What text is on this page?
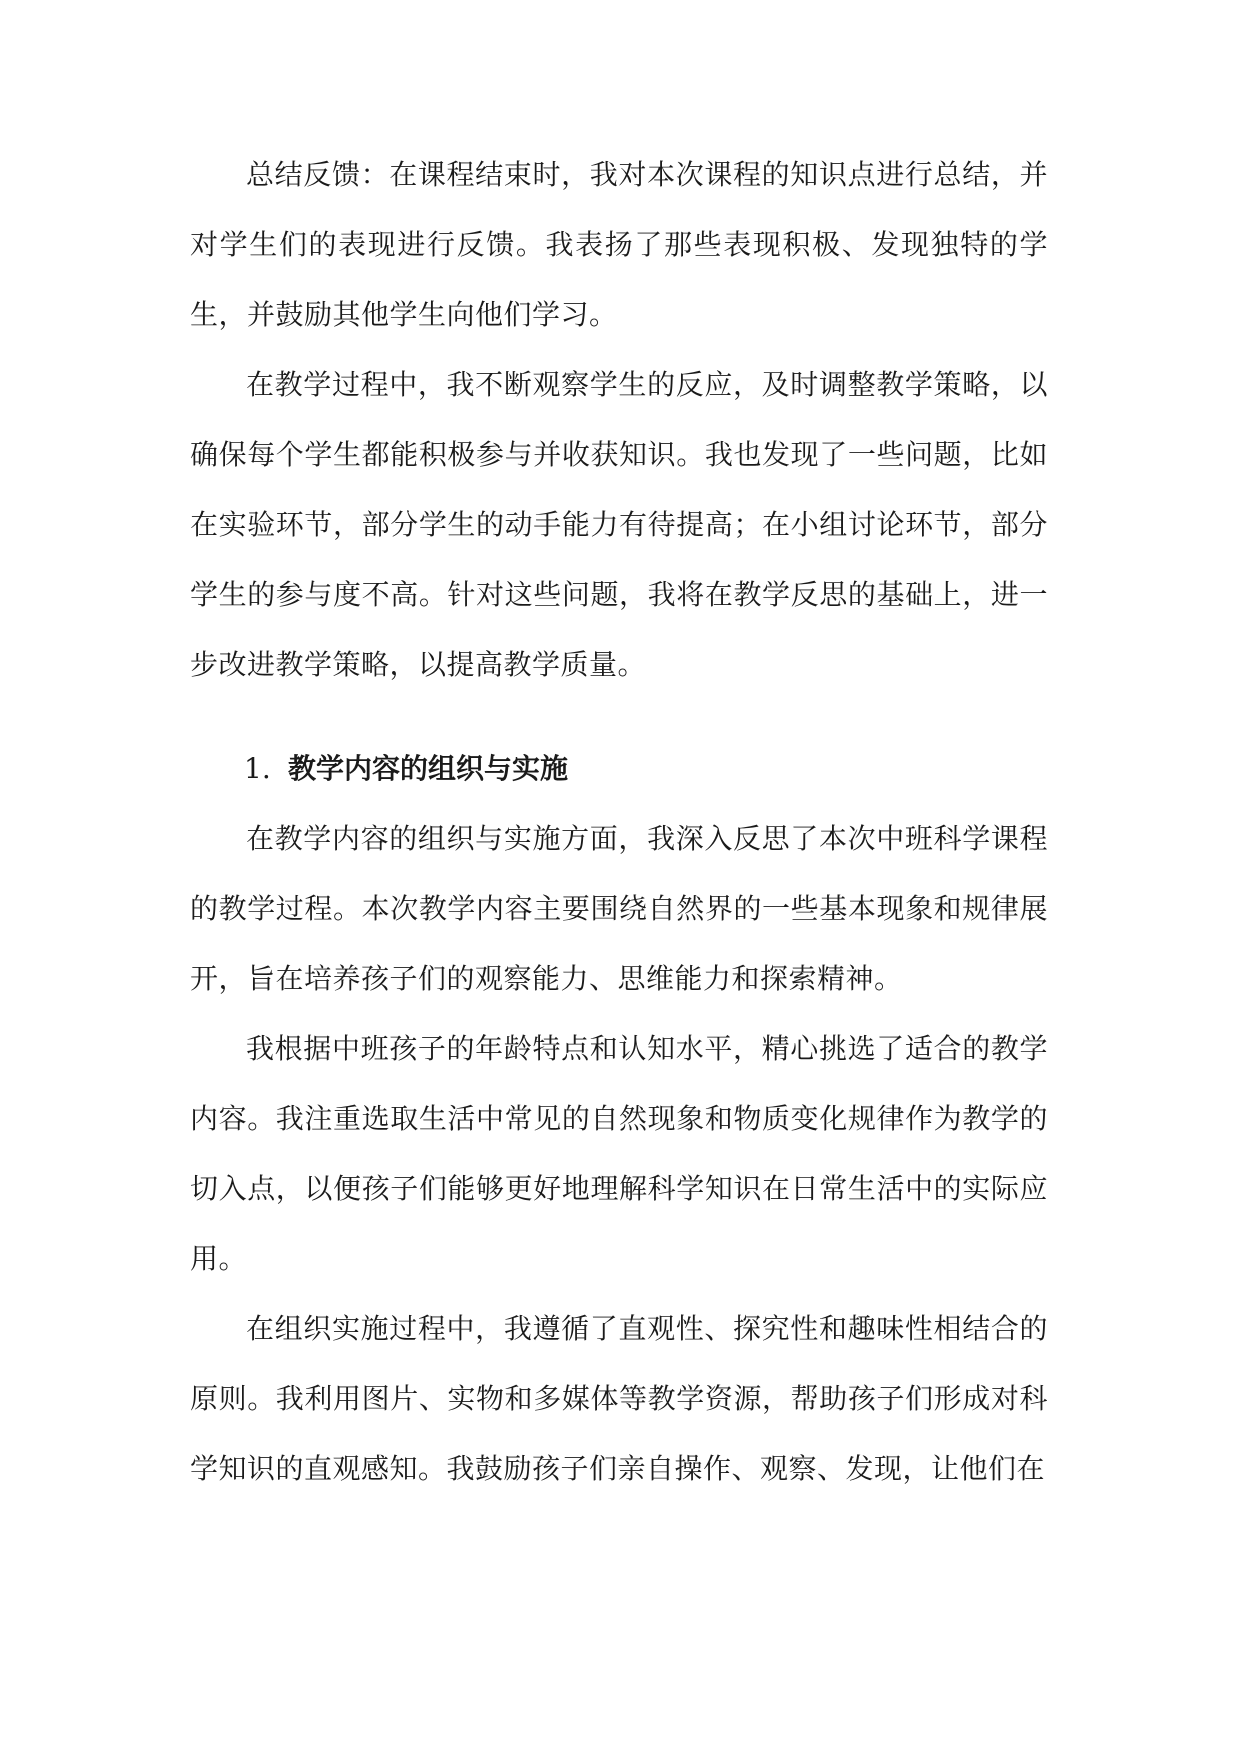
总结反馈：在课程结束时，我对本次课程的知识点进行总结，并对学生们的表现进行反馈。我表扬了那些表现积极、发现独特的学生，并鼓励其他学生向他们学习。

在教学过程中，我不断观察学生的反应，及时调整教学策略，以确保每个学生都能积极参与并收获知识。我也发现了一些问题，比如在实验环节，部分学生的动手能力有待提高；在小组讨论环节，部分学生的参与度不高。针对这些问题，我将在教学反思的基础上，进一步改进教学策略，以提高教学质量。

1. 教学内容的组织与实施

在教学内容的组织与实施方面，我深入反思了本次中班科学课程的教学过程。本次教学内容主要围绕自然界的一些基本现象和规律展开，旨在培养孩子们的观察能力、思维能力和探索精神。

我根据中班孩子的年龄特点和认知水平，精心挑选了适合的教学内容。我注重选取生活中常见的自然现象和物质变化规律作为教学的切入点，以便孩子们能够更好地理解科学知识在日常生活中的实际应用。

在组织实施过程中，我遵循了直观性、探究性和趣味性相结合的原则。我利用图片、实物和多媒体等教学资源，帮助孩子们形成对科学知识的直观感知。我鼓励孩子们亲自操作、观察、发现，让他们在
